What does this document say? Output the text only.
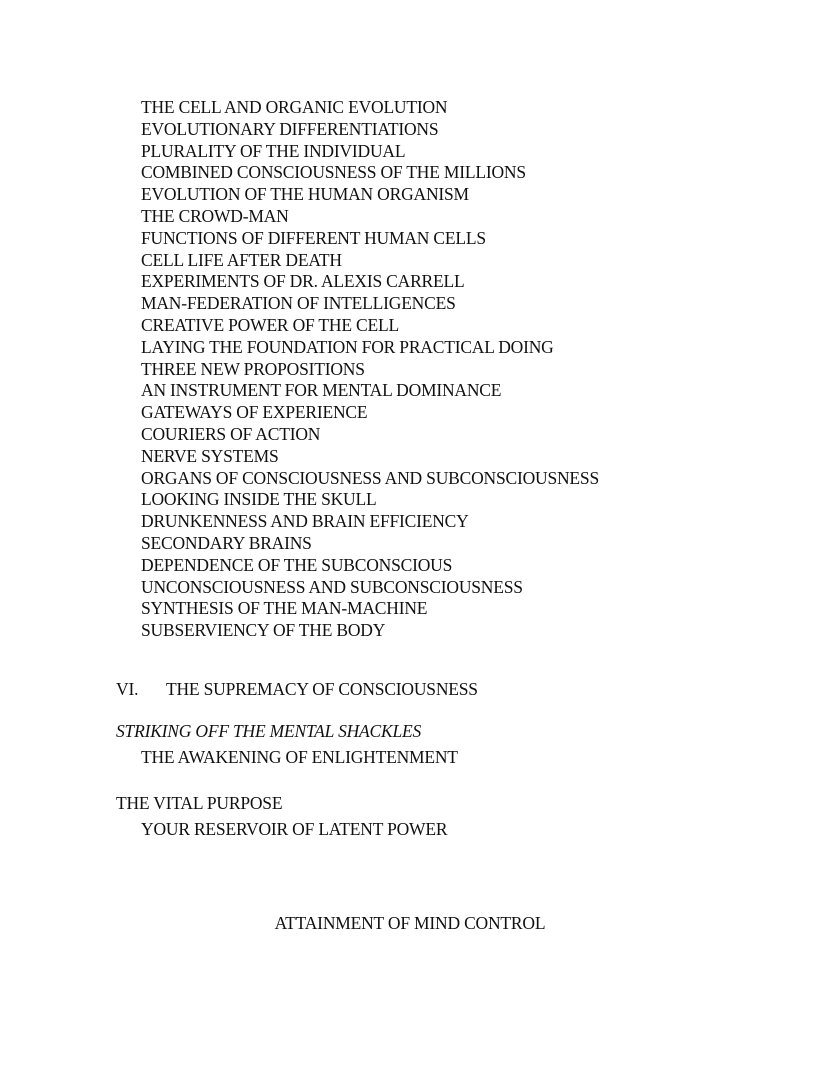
THE CELL AND ORGANIC EVOLUTION
EVOLUTIONARY DIFFERENTIATIONS
PLURALITY OF THE INDIVIDUAL
COMBINED CONSCIOUSNESS OF THE MILLIONS
EVOLUTION OF THE HUMAN ORGANISM
THE CROWD-MAN
FUNCTIONS OF DIFFERENT HUMAN CELLS
CELL LIFE AFTER DEATH
EXPERIMENTS OF DR. ALEXIS CARRELL
MAN-FEDERATION OF INTELLIGENCES
CREATIVE POWER OF THE CELL
LAYING THE FOUNDATION FOR PRACTICAL DOING
THREE NEW PROPOSITIONS
AN INSTRUMENT FOR MENTAL DOMINANCE
GATEWAYS OF EXPERIENCE
COURIERS OF ACTION
NERVE SYSTEMS
ORGANS OF CONSCIOUSNESS AND SUBCONSCIOUSNESS
LOOKING INSIDE THE SKULL
DRUNKENNESS AND BRAIN EFFICIENCY
SECONDARY BRAINS
DEPENDENCE OF THE SUBCONSCIOUS
UNCONSCIOUSNESS AND SUBCONSCIOUSNESS
SYNTHESIS OF THE MAN-MACHINE
SUBSERVIENCY OF THE BODY
VI. THE SUPREMACY OF CONSCIOUSNESS
STRIKING OFF THE MENTAL SHACKLES
THE AWAKENING OF ENLIGHTENMENT
THE VITAL PURPOSE
YOUR RESERVOIR OF LATENT POWER
ATTAINMENT OF MIND CONTROL
